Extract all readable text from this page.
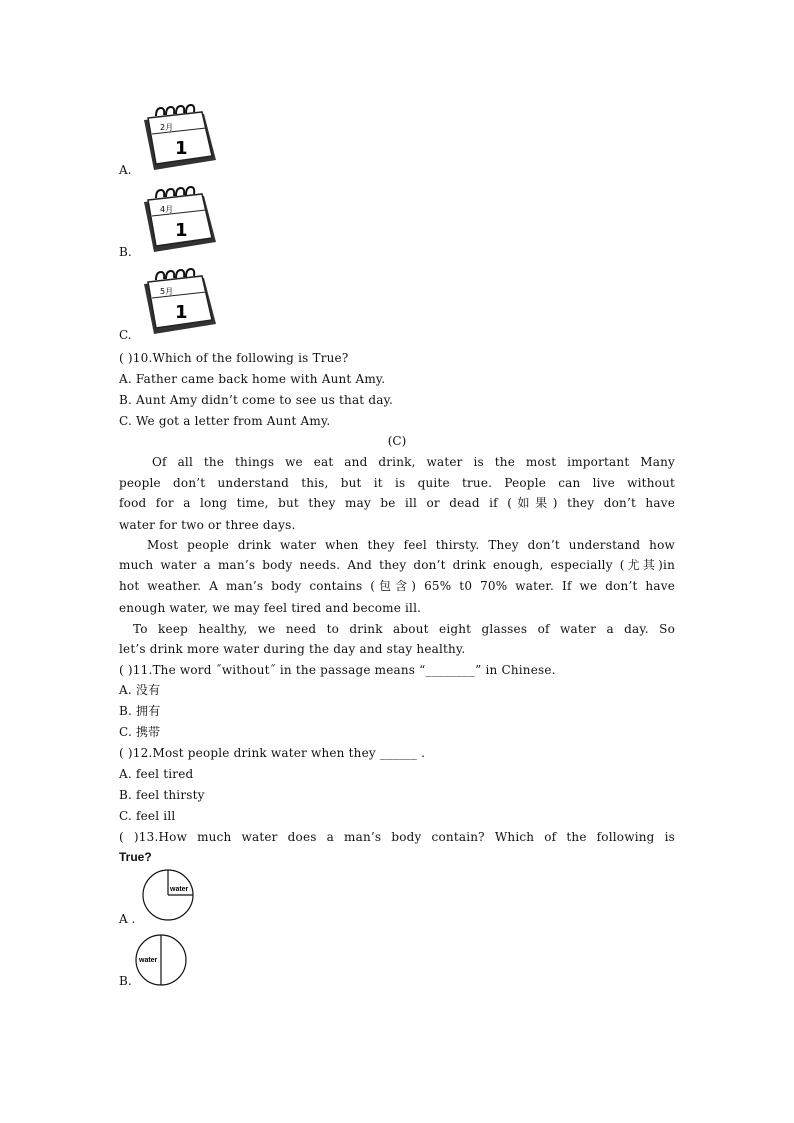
2月
1
A.
4月
1
B.
5月
1
C.
( )10.Which of the following is True?
A. Father came back home with Aunt Amy.
B. Aunt Amy didn’t come to see us that day.
C. We got a letter from Aunt Amy.
(C)
Of all the things we eat and drink, water is the most important Many
people don’t understand this, but it is quite true. People can live without
food for a long time, but they may be ill or dead if (如果) they don’t have
water for two or three days.
Most people drink water when they feel thirsty. They don’t understand how
much water a man’s body needs. And they don’t drink enough, especially (尤其)in
hot weather. A man’s body contains (包含) 65% t0 70% water. If we don’t have
enough water, we may feel tired and become ill.
To keep healthy, we need to drink about eight glasses of water a day. So
let’s drink more water during the day and stay healthy.
( )11.The word ˝without˝ in the passage means “________” in Chinese.
A. 没有
B. 拥有
C. 携带
( )12.Most people drink water when they ______ .
A. feel tired
B. feel thirsty
C. feel ill
( )13.How much water does a man’s body contain? Which of the following is
True?
water
A .
water
B.
